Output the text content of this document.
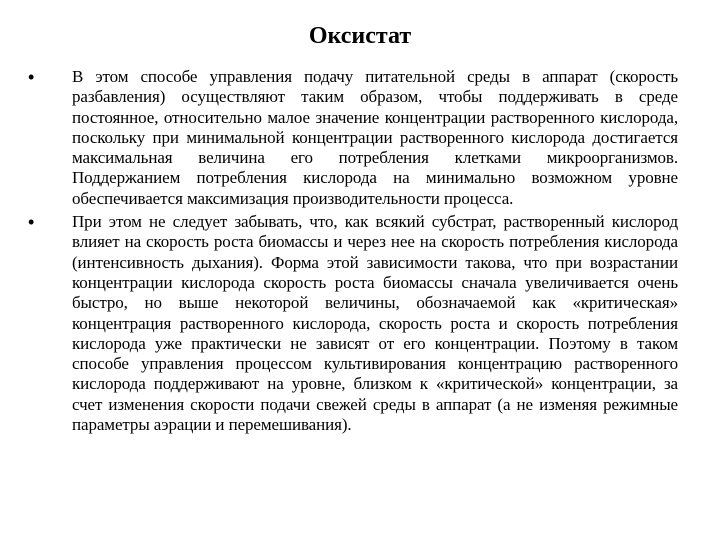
Оксистат
• В этом способе управления подачу питательной среды в аппарат (скорость разбавления) осуществляют таким образом, чтобы поддерживать в среде постоянное, относительно малое значение концентрации растворенного кислорода, поскольку при минимальной концентрации растворенного кислорода достигается максимальная величина его потребления клетками микроорганизмов. Поддержанием потребления кислорода на минимально возможном уровне обеспечивается максимизация производительности процесса.
• При этом не следует забывать, что, как всякий субстрат, растворенный кислород влияет на скорость роста биомассы и через нее на скорость потребления кислорода (интенсивность дыхания). Форма этой зависимости такова, что при возрастании концентрации кислорода скорость роста биомассы сначала увеличивается очень быстро, но выше некоторой величины, обозначаемой как «критическая» концентрация растворенного кислорода, скорость роста и скорость потребления кислорода уже практически не зависят от его концентрации. Поэтому в таком способе управления процессом культивирования концентрацию растворенного кислорода поддерживают на уровне, близком к «критической» концентрации, за счет изменения скорости подачи свежей среды в аппарат (а не изменяя режимные параметры аэрации и перемешивания).
